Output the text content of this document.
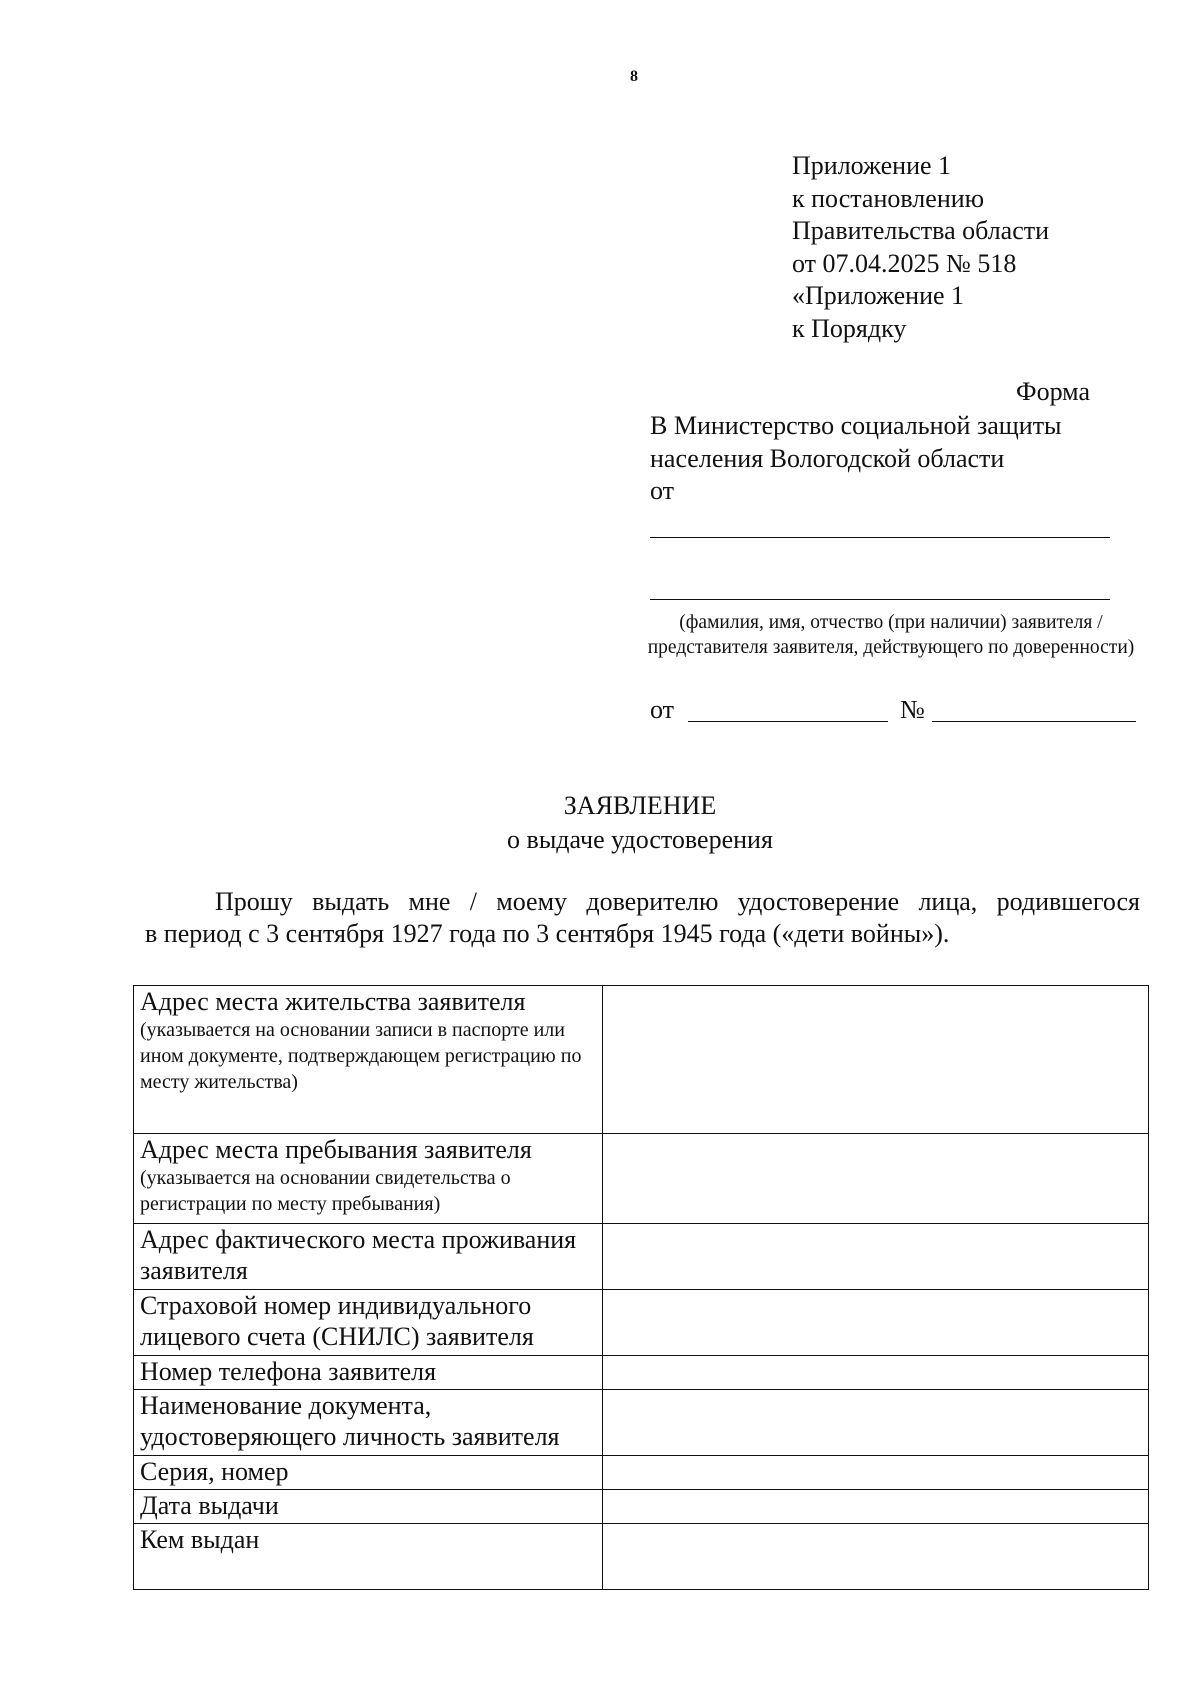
8
Приложение 1
к постановлению
Правительства области
от 07.04.2025 № 518
«Приложение 1
к Порядку
Форма
В Министерство социальной защиты
населения Вологодской области
от
(фамилия, имя, отчество (при наличии) заявителя / представителя заявителя, действующего по доверенности)
от	№
ЗАЯВЛЕНИЕ
о выдаче удостоверения
Прошу выдать мне / моему доверителю удостоверение лица, родившегося
в период с 3 сентября 1927 года по 3 сентября 1945 года («дети войны»).
Адрес места жительства заявителя
(указывается на основании записи в паспорте или ином документе, подтверждающем регистрацию по месту жительства)	

Адрес места пребывания заявителя
(указывается на основании свидетельства о регистрации по месту пребывания)	

Адрес фактического места проживания заявителя	
Страховой номер индивидуального лицевого счета (СНИЛС) заявителя	
Номер телефона заявителя	
Наименование документа, удостоверяющего личность заявителя	
Серия, номер	
Дата выдачи	
Кем выдан	
